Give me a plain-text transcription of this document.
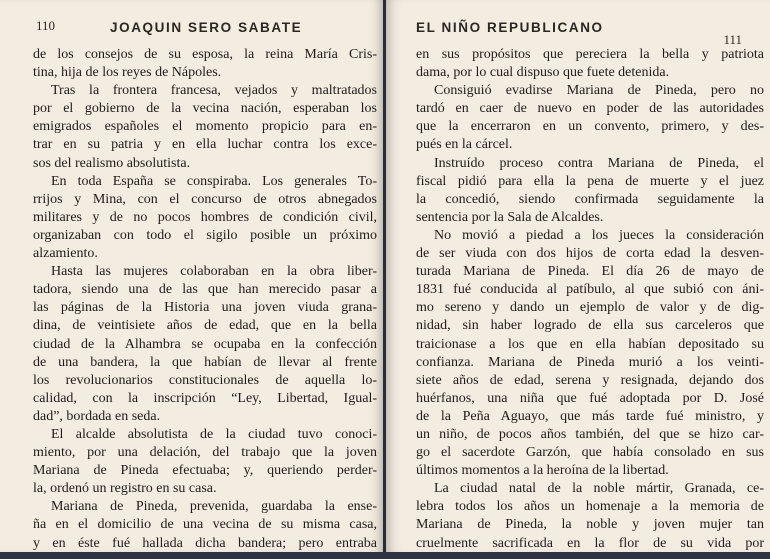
110	JOAQUIN SERO SABATE
de los consejos de su esposa, la reina María Cris-
tina, hija de los reyes de Nápoles.
Tras la frontera francesa, vejados y maltratados
por el gobierno de la vecina nación, esperaban los
emigrados españoles el momento propicio para en-
trar en su patria y en ella luchar contra los exce-
sos del realismo absolutista.
En toda España se conspiraba. Los generales To-
rrijos y Mina, con el concurso de otros abnegados
militares y de no pocos hombres de condición civil,
organizaban con todo el sigilo posible un próximo
alzamiento.
Hasta las mujeres colaboraban en la obra liber-
tadora, siendo una de las que han merecido pasar a
las páginas de la Historia una joven viuda grana-
dina, de veintisiete años de edad, que en la bella
ciudad de la Alhambra se ocupaba en la confección
de una bandera, la que habían de llevar al frente
los revolucionarios constitucionales de aquella lo-
calidad, con la inscripción “Ley, Libertad, Igual-
dad”, bordada en seda.
El alcalde absolutista de la ciudad tuvo conoci-
miento, por una delación, del trabajo que la joven
Mariana de Pineda efectuaba; y, queriendo perder-
la, ordenó un registro en su casa.
Mariana de Pineda, prevenida, guardaba la ense-
ña en el domicilio de una vecina de su misma casa,
y en éste fué hallada dicha bandera; pero entraba
EL NIÑO REPUBLICANO
111
en sus propósitos que pereciera la bella y patriota
dama, por lo cual dispuso que fuete detenida.
Consiguió evadirse Mariana de Pineda, pero no
tardó en caer de nuevo en poder de las autoridades
que la encerraron en un convento, primero, y des-
pués en la cárcel.
Instruído proceso contra Mariana de Pineda, el
fiscal pidió para ella la pena de muerte y el juez
la concedió, siendo confirmada seguidamente la
sentencia por la Sala de Alcaldes.
No movió a piedad a los jueces la consideración
de ser viuda con dos hijos de corta edad la desven-
turada Mariana de Pineda. El día 26 de mayo de
1831 fué conducida al patíbulo, al que subió con áni-
mo sereno y dando un ejemplo de valor y de dig-
nidad, sin haber logrado de ella sus carceleros que
traicionase a los que en ella habían depositado su
confianza. Mariana de Pineda murió a los veinti-
siete años de edad, serena y resignada, dejando dos
huérfanos, una niña que fué adoptada por D. José
de la Peña Aguayo, que más tarde fué ministro, y
un niño, de pocos años también, del que se hizo car-
go el sacerdote Garzón, que había consolado en sus
últimos momentos a la heroína de la libertad.
La ciudad natal de la noble mártir, Granada, ce-
lebra todos los años un homenaje a la memoria de
Mariana de Pineda, la noble y joven mujer tan
cruelmente sacrificada en la flor de su vida por
